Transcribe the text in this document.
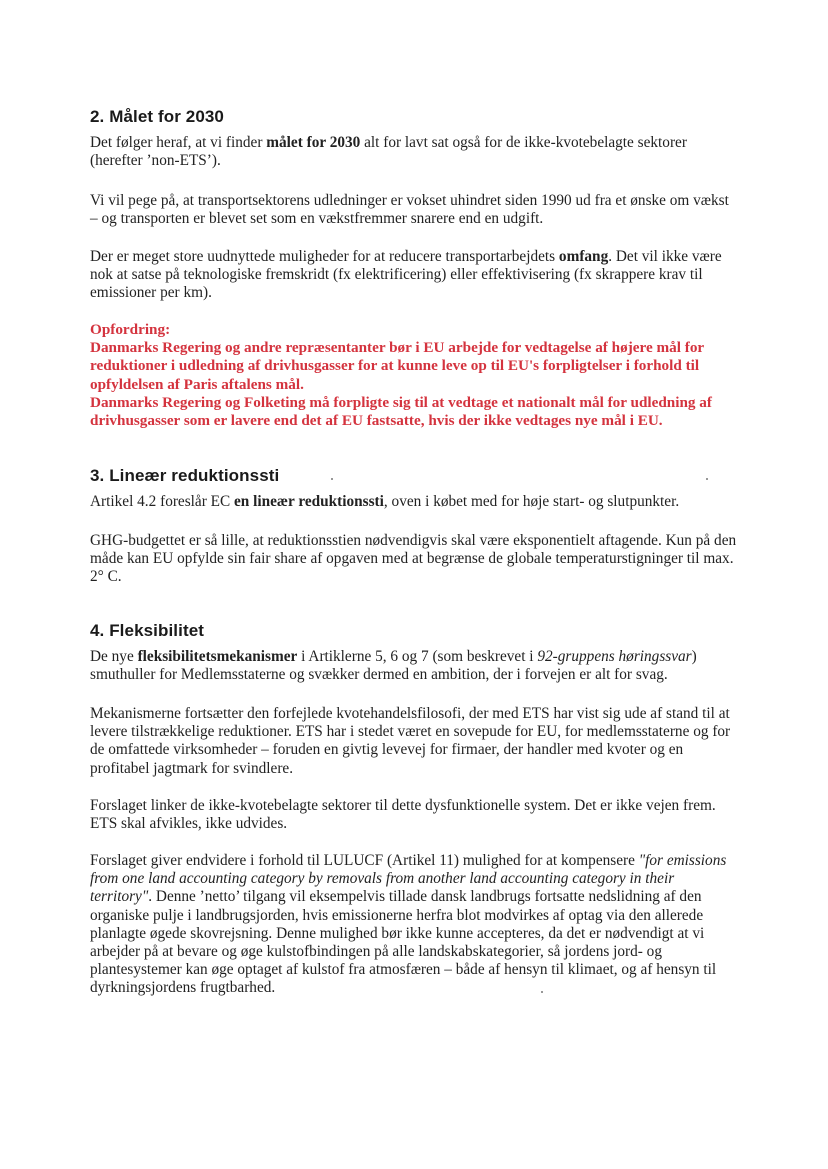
2. Målet for 2030

Det følger heraf, at vi finder målet for 2030 alt for lavt sat også for de ikke-kvotebelagte sektorer (herefter ’non-ETS’).

Vi vil pege på, at transportsektorens udledninger er vokset uhindret siden 1990 ud fra et ønske om vækst – og transporten er blevet set som en vækstfremmer snarere end en udgift.

Der er meget store uudnyttede muligheder for at reducere transportarbejdets omfang. Det vil ikke være nok at satse på teknologiske fremskridt (fx elektrificering) eller effektivisering (fx skrappere krav til emissioner per km).

Opfordring:

Danmarks Regering og andre repræsentanter bør i EU arbejde for vedtagelse af højere mål for reduktioner i udledning af drivhusgasser for at kunne leve op til EU's forpligtelser i forhold til opfyldelsen af Paris aftalens mål.

Danmarks Regering og Folketing må forpligte sig til at vedtage et nationalt mål for udledning af drivhusgasser som er lavere end det af EU fastsatte, hvis der ikke vedtages nye mål i EU.

3. Lineær reduktionssti

Artikel 4.2 foreslår EC en lineær reduktionssti, oven i købet med for høje start- og slutpunkter.

GHG-budgettet er så lille, at reduktionsstien nødvendigvis skal være eksponentielt aftagende. Kun på den måde kan EU opfylde sin fair share af opgaven med at begrænse de globale temperaturstigninger til max. 2° C.

4. Fleksibilitet

De nye fleksibilitetsmekanismer i Artiklerne 5, 6 og 7 (som beskrevet i 92-gruppens høringssvar) smuthuller for Medlemsstaterne og svækker dermed en ambition, der i forvejen er alt for svag.

Mekanismerne fortsætter den forfejlede kvotehandelsfilosofi, der med ETS har vist sig ude af stand til at levere tilstrækkelige reduktioner. ETS har i stedet været en sovepude for EU, for medlemsstaterne og for de omfattede virksomheder – foruden en givtig levevej for firmaer, der handler med kvoter og en profitabel jagtmark for svindlere.

Forslaget linker de ikke-kvotebelagte sektorer til dette dysfunktionelle system. Det er ikke vejen frem. ETS skal afvikles, ikke udvides.

Forslaget giver endvidere i forhold til LULUCF (Artikel 11) mulighed for at kompensere "for emissions from one land accounting category by removals from another land accounting category in their territory". Denne ’netto’ tilgang vil eksempelvis tillade dansk landbrugs fortsatte nedslidning af den organiske pulje i landbrugsjorden, hvis emissionerne herfra blot modvirkes af optag via den allerede planlagte øgede skovrejsning. Denne mulighed bør ikke kunne accepteres, da det er nødvendigt at vi arbejder på at bevare og øge kulstofbindingen på alle landskabskategorier, så jordens jord- og plantesystemer kan øge optaget af kulstof fra atmosfæren – både af hensyn til klimaet, og af hensyn til dyrkningsjordens frugtbarhed.
